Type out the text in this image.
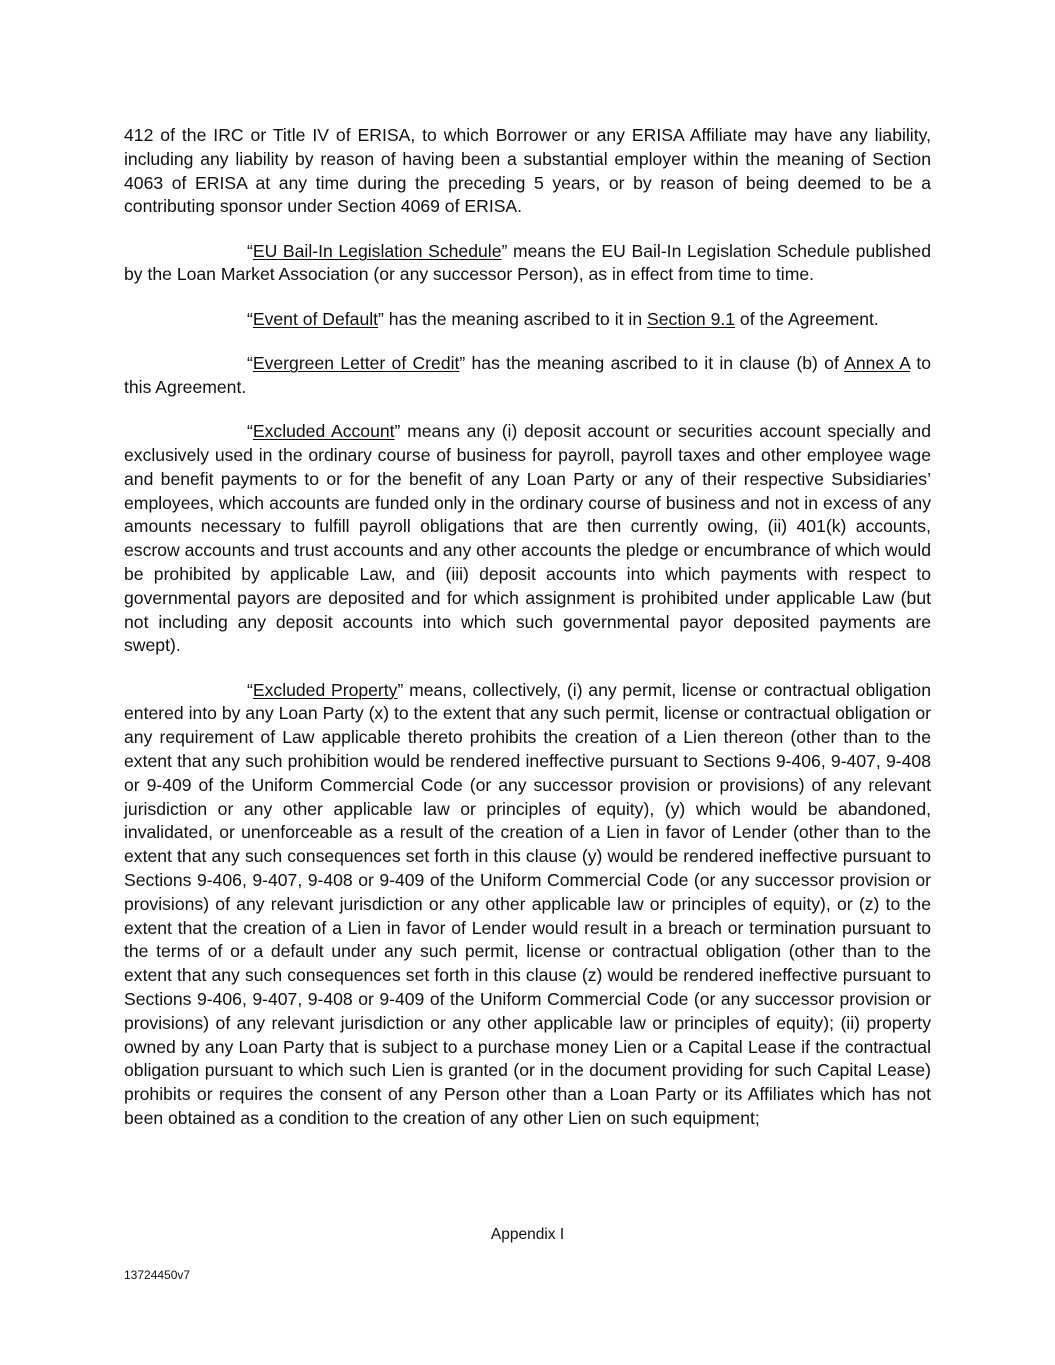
412 of the IRC or Title IV of ERISA, to which Borrower or any ERISA Affiliate may have any liability, including any liability by reason of having been a substantial employer within the meaning of Section 4063 of ERISA at any time during the preceding 5 years, or by reason of being deemed to be a contributing sponsor under Section 4069 of ERISA.

“EU Bail-In Legislation Schedule” means the EU Bail-In Legislation Schedule published by the Loan Market Association (or any successor Person), as in effect from time to time.

“Event of Default” has the meaning ascribed to it in Section 9.1 of the Agreement.

“Evergreen Letter of Credit” has the meaning ascribed to it in clause (b) of Annex A to this Agreement.

“Excluded Account” means any (i) deposit account or securities account specially and exclusively used in the ordinary course of business for payroll, payroll taxes and other employee wage and benefit payments to or for the benefit of any Loan Party or any of their respective Subsidiaries’ employees, which accounts are funded only in the ordinary course of business and not in excess of any amounts necessary to fulfill payroll obligations that are then currently owing, (ii) 401(k) accounts, escrow accounts and trust accounts and any other accounts the pledge or encumbrance of which would be prohibited by applicable Law, and (iii) deposit accounts into which payments with respect to governmental payors are deposited and for which assignment is prohibited under applicable Law (but not including any deposit accounts into which such governmental payor deposited payments are swept).

“Excluded Property” means, collectively, (i) any permit, license or contractual obligation entered into by any Loan Party (x) to the extent that any such permit, license or contractual obligation or any requirement of Law applicable thereto prohibits the creation of a Lien thereon (other than to the extent that any such prohibition would be rendered ineffective pursuant to Sections 9-406, 9-407, 9-408 or 9-409 of the Uniform Commercial Code (or any successor provision or provisions) of any relevant jurisdiction or any other applicable law or principles of equity), (y) which would be abandoned, invalidated, or unenforceable as a result of the creation of a Lien in favor of Lender (other than to the extent that any such consequences set forth in this clause (y) would be rendered ineffective pursuant to Sections 9-406, 9-407, 9-408 or 9-409 of the Uniform Commercial Code (or any successor provision or provisions) of any relevant jurisdiction or any other applicable law or principles of equity), or (z) to the extent that the creation of a Lien in favor of Lender would result in a breach or termination pursuant to the terms of or a default under any such permit, license or contractual obligation (other than to the extent that any such consequences set forth in this clause (z) would be rendered ineffective pursuant to Sections 9-406, 9-407, 9-408 or 9-409 of the Uniform Commercial Code (or any successor provision or provisions) of any relevant jurisdiction or any other applicable law or principles of equity); (ii) property owned by any Loan Party that is subject to a purchase money Lien or a Capital Lease if the contractual obligation pursuant to which such Lien is granted (or in the document providing for such Capital Lease) prohibits or requires the consent of any Person other than a Loan Party or its Affiliates which has not been obtained as a condition to the creation of any other Lien on such equipment;

Appendix I
13724450v7
